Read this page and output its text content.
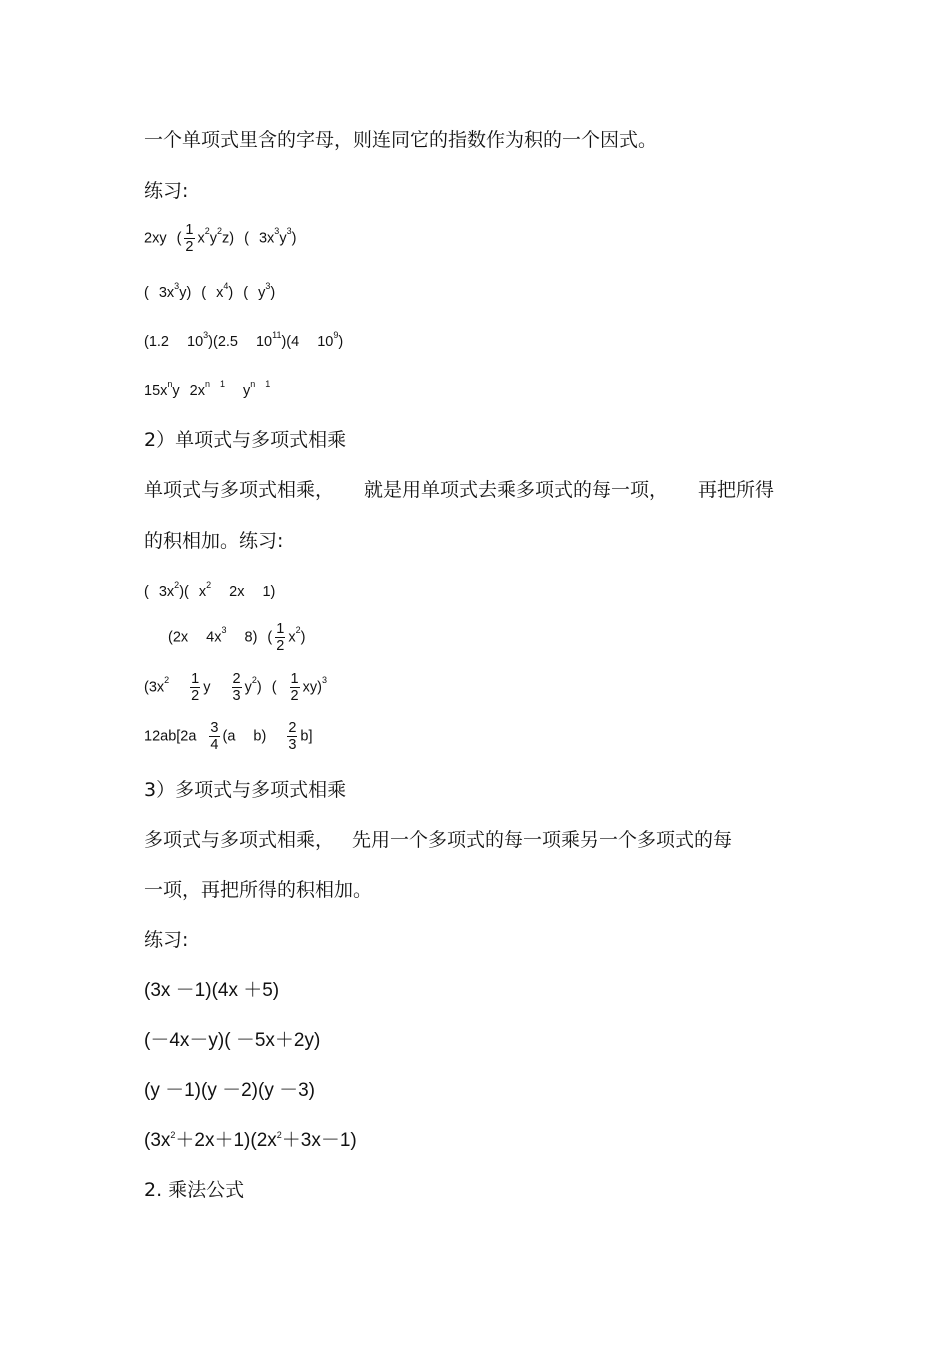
一个单项式里含的字母，则连同它的指数作为积的一个因式。
练习:
2xy ( $\frac{1}{2} x^2y^2z$) ( $3x^3y^3$)
( $3x^3y$) ( $x^4$) ( $y^3$)
(1.2 $10^3)(2.5$ $10^{11})(4$ $10^9$)
$15x^ny$ $2x^n$ $^1$ $y^n$ $^1$
2）单项式与多项式相乘
单项式与多项式相乘， 就是用单项式去乘多项式的每一项， 再把所得
的积相加。练习:
( $3x^2$)( $x^2$ 2x 1)
(2x $4x^3$ 8) ( $\frac{1}{2} x^2$)
($3x^2 \frac{1}{2}$ y $\frac{2}{3} y^2$) ( $\frac{1}{2} xy)^3$
$12ab[2a \frac{3}{4} (a$ $b) \frac{2}{3} b$]
3）多项式与多项式相乘
多项式与多项式相乘， 先用一个多项式的每一项乘另一个多项式的每
一项，再把所得的积相加。
练习:
(3x －1)(4x ＋5)
(－4x－y)( －5x＋2y)
(y －1)(y －2)(y －3)
$(3x^2+2x+1)(2x^2+3x-1)$
2. 乘法公式
